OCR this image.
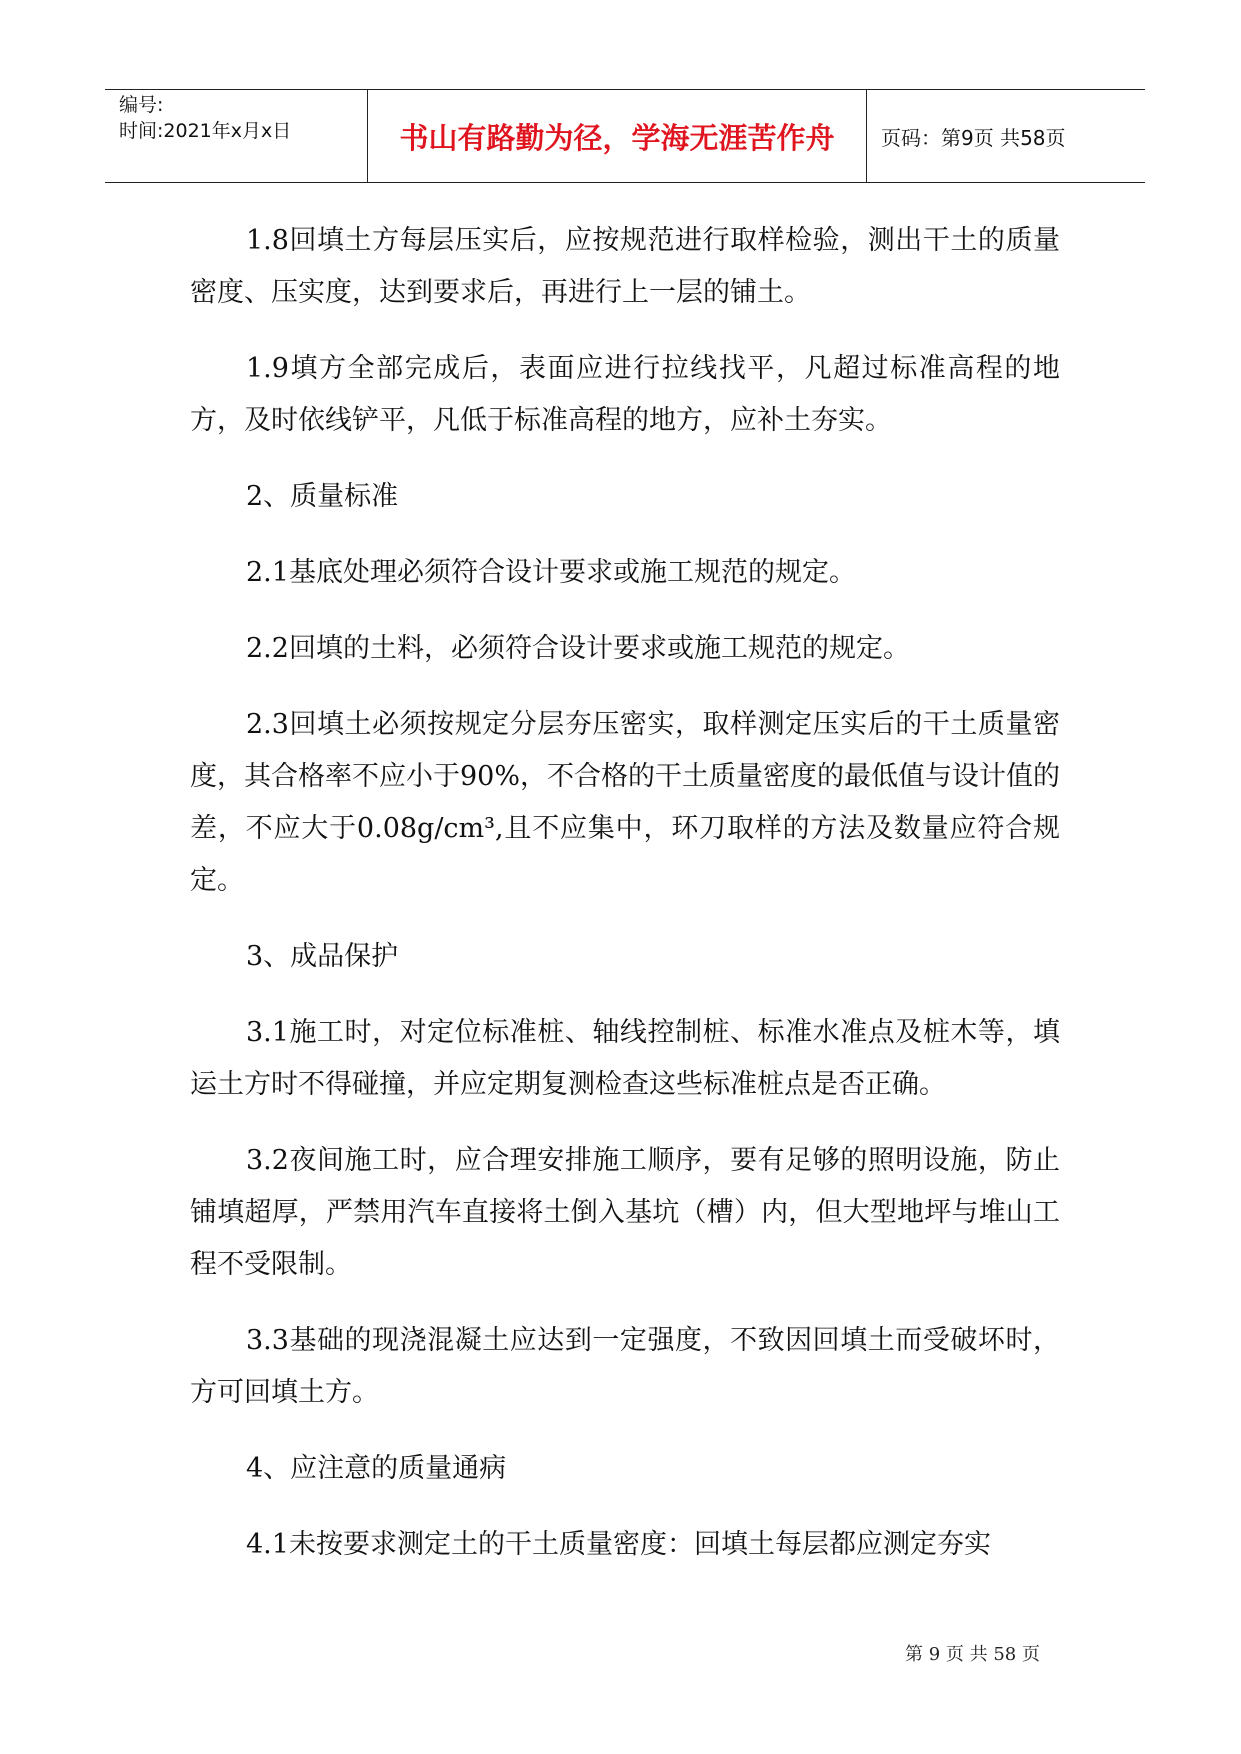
编号:
时间:2021年x月x日	书山有路勤为径，学海无涯苦作舟	页码：第9页 共58页

1.8回填土方每层压实后，应按规范进行取样检验，测出干土的质量密度、压实度，达到要求后，再进行上一层的铺土。

1.9填方全部完成后，表面应进行拉线找平，凡超过标准高程的地方，及时依线铲平，凡低于标准高程的地方，应补土夯实。

2、质量标准

2.1基底处理必须符合设计要求或施工规范的规定。

2.2回填的土料，必须符合设计要求或施工规范的规定。

2.3回填土必须按规定分层夯压密实，取样测定压实后的干土质量密度，其合格率不应小于90%，不合格的干土质量密度的最低值与设计值的差，不应大于0.08g/cm³,且不应集中，环刀取样的方法及数量应符合规定。

3、成品保护

3.1施工时，对定位标准桩、轴线控制桩、标准水准点及桩木等，填运土方时不得碰撞，并应定期复测检查这些标准桩点是否正确。

3.2夜间施工时，应合理安排施工顺序，要有足够的照明设施，防止铺填超厚，严禁用汽车直接将土倒入基坑（槽）内，但大型地坪与堆山工程不受限制。

3.3基础的现浇混凝土应达到一定强度，不致因回填土而受破坏时，方可回填土方。

4、应注意的质量通病

4.1未按要求测定土的干土质量密度：回填土每层都应测定夯实

第 9 页 共 58 页
